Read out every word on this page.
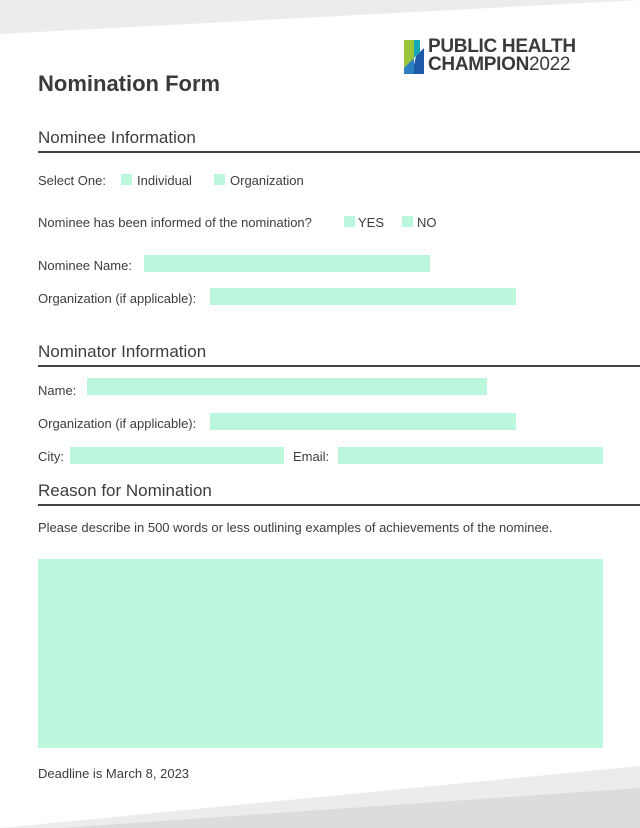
PUBLIC HEALTH
CHAMPION2022
Nomination Form
Nominee Information
Select One: Individual	Organization
Nominee has been informed of the nomination?	YES	NO
Nominee Name:
Organization (if applicable):
Nominator Information
Name:
Organization (if applicable):
City:	Email:
Reason for Nomination
Please describe in 500 words or less outlining examples of achievements of the nominee.
Deadline is March 8, 2023
